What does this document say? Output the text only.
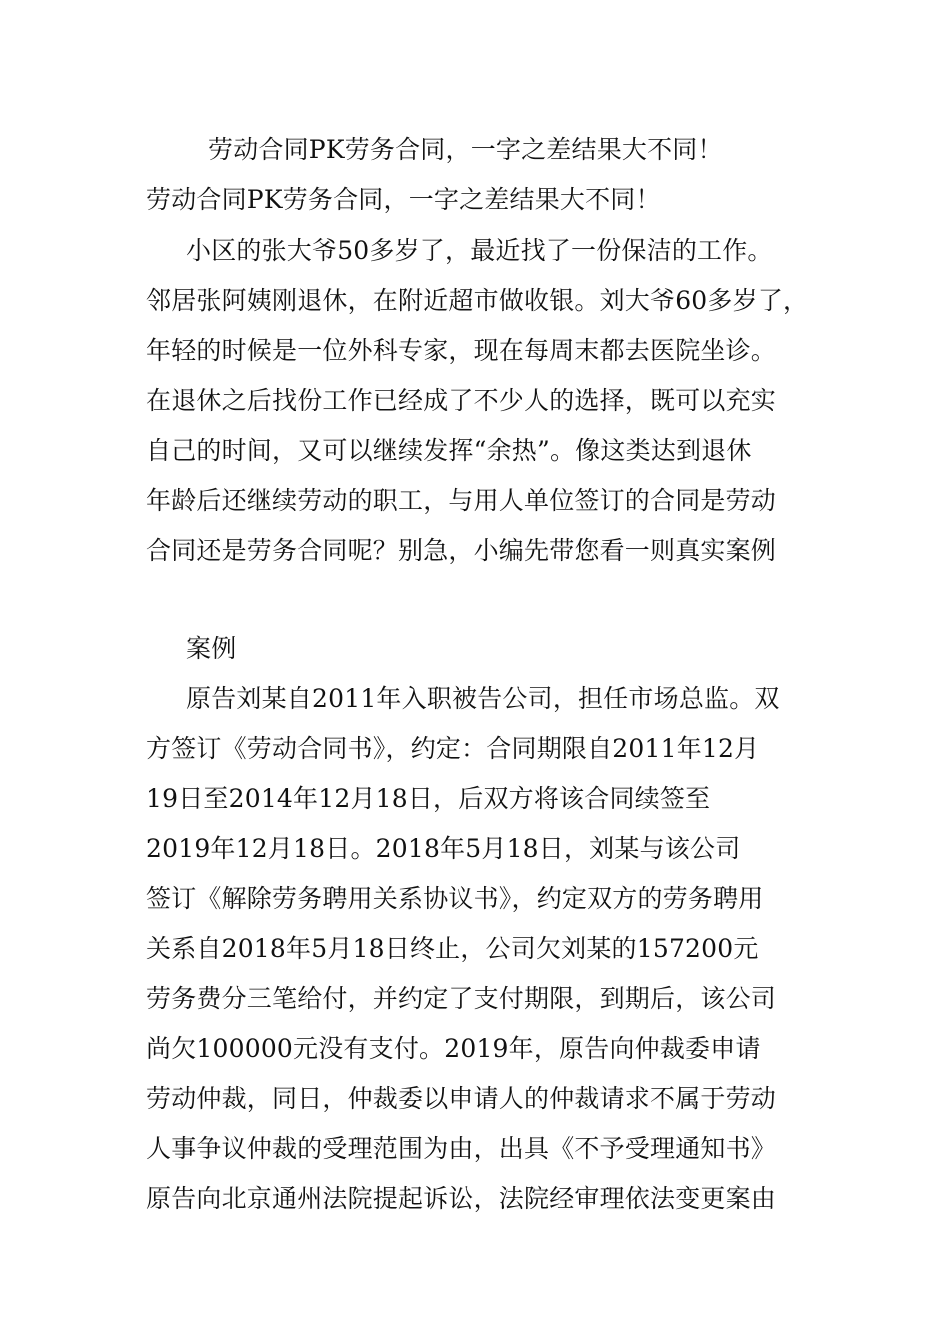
劳动合同PK劳务合同，一字之差结果大不同！
劳动合同PK劳务合同，一字之差结果大不同！
小区的张大爷50多岁了，最近找了一份保洁的工作。
邻居张阿姨刚退休，在附近超市做收银。刘大爷60多岁了，
年轻的时候是一位外科专家，现在每周末都去医院坐诊。
在退休之后找份工作已经成了不少人的选择，既可以充实
自己的时间，又可以继续发挥“余热”。像这类达到退休
年龄后还继续劳动的职工，与用人单位签订的合同是劳动
合同还是劳务合同呢？别急，小编先带您看一则真实案例
案例
原告刘某自2011年入职被告公司，担任市场总监。双
方签订《劳动合同书》，约定：合同期限自2011年12月
19日至2014年12月18日，后双方将该合同续签至
2019年12月18日。2018年5月18日，刘某与该公司
签订《解除劳务聘用关系协议书》，约定双方的劳务聘用
关系自2018年5月18日终止，公司欠刘某的157200元
劳务费分三笔给付，并约定了支付期限，到期后，该公司
尚欠100000元没有支付。2019年，原告向仲裁委申请
劳动仲裁，同日，仲裁委以申请人的仲裁请求不属于劳动
人事争议仲裁的受理范围为由，出具《不予受理通知书》
原告向北京通州法院提起诉讼，法院经审理依法变更案由
